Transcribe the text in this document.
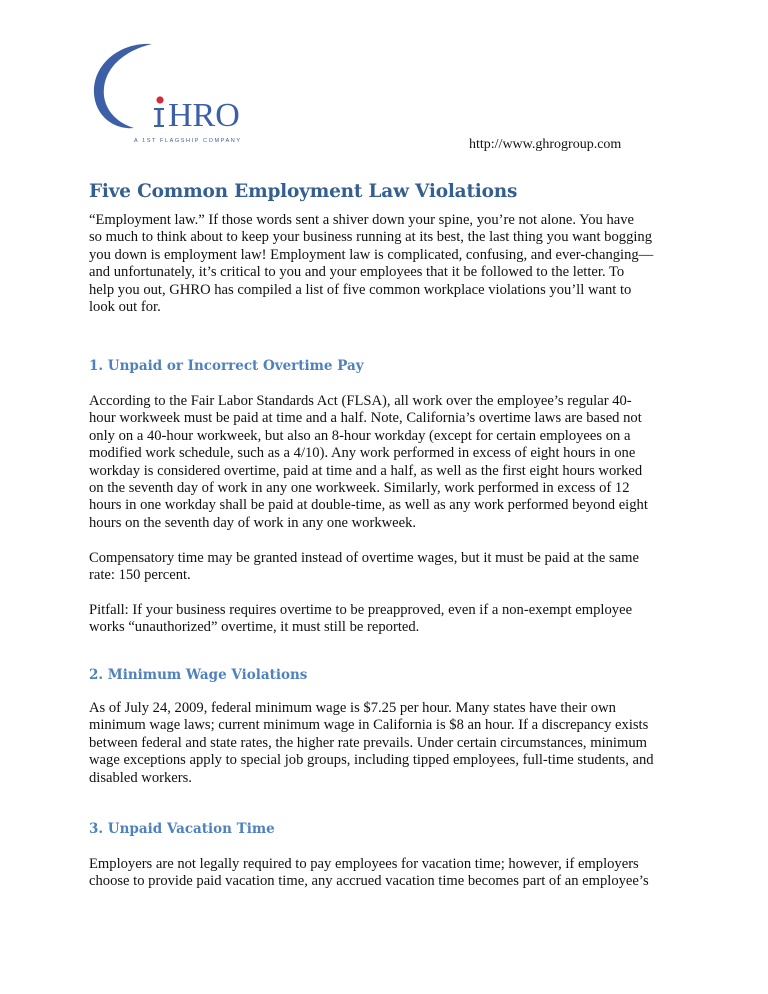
HRO
A 1ST FLAGSHIP COMPANY	http://www.ghrogroup.com
Five Common Employment Law Violations
“Employment law.” If those words sent a shiver down your spine, you’re not alone. You have
so much to think about to keep your business running at its best, the last thing you want bogging
you down is employment law! Employment law is complicated, confusing, and ever-changing—
and unfortunately, it’s critical to you and your employees that it be followed to the letter. To
help you out, GHRO has compiled a list of five common workplace violations you’ll want to
look out for.
1. Unpaid or Incorrect Overtime Pay
According to the Fair Labor Standards Act (FLSA), all work over the employee’s regular 40-
hour workweek must be paid at time and a half. Note, California’s overtime laws are based not
only on a 40-hour workweek, but also an 8-hour workday (except for certain employees on a
modified work schedule, such as a 4/10). Any work performed in excess of eight hours in one
workday is considered overtime, paid at time and a half, as well as the first eight hours worked
on the seventh day of work in any one workweek. Similarly, work performed in excess of 12
hours in one workday shall be paid at double-time, as well as any work performed beyond eight
hours on the seventh day of work in any one workweek.
Compensatory time may be granted instead of overtime wages, but it must be paid at the same
rate: 150 percent.
Pitfall: If your business requires overtime to be preapproved, even if a non-exempt employee
works “unauthorized” overtime, it must still be reported.
2. Minimum Wage Violations
As of July 24, 2009, federal minimum wage is $7.25 per hour. Many states have their own
minimum wage laws; current minimum wage in California is $8 an hour. If a discrepancy exists
between federal and state rates, the higher rate prevails. Under certain circumstances, minimum
wage exceptions apply to special job groups, including tipped employees, full-time students, and
disabled workers.
3. Unpaid Vacation Time
Employers are not legally required to pay employees for vacation time; however, if employers
choose to provide paid vacation time, any accrued vacation time becomes part of an employee’s
